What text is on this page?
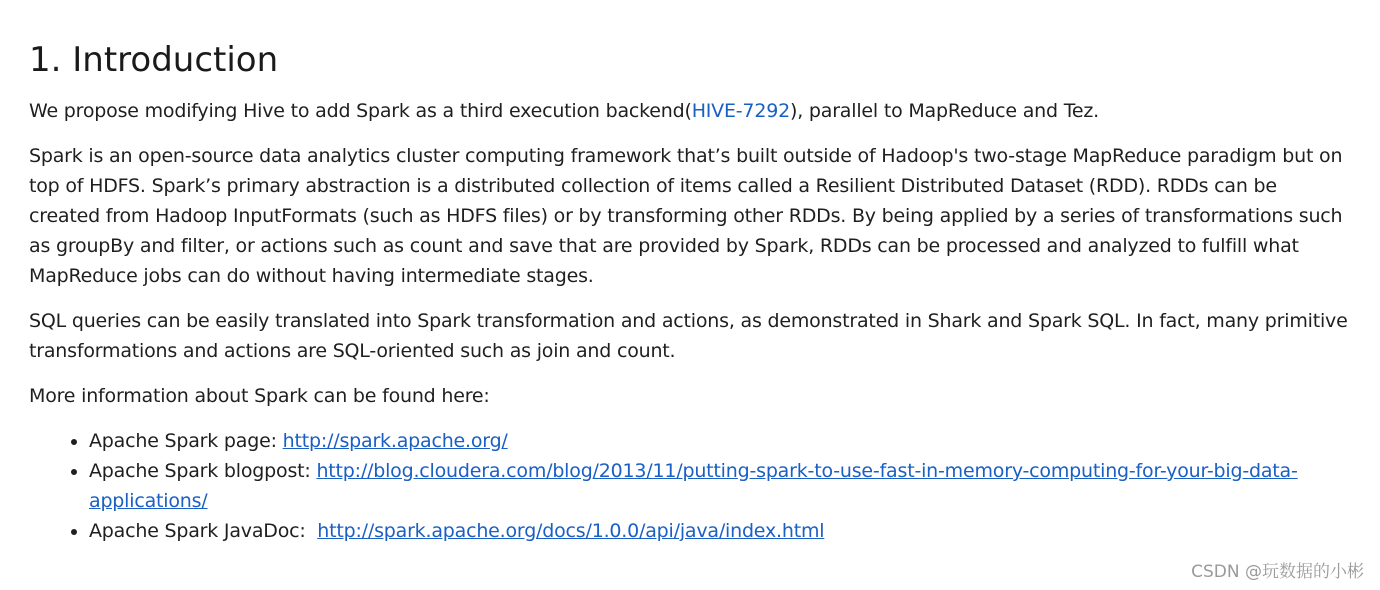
1. Introduction

We propose modifying Hive to add Spark as a third execution backend(HIVE-7292), parallel to MapReduce and Tez.

Spark is an open-source data analytics cluster computing framework that’s built outside of Hadoop's two-stage MapReduce paradigm but on top of HDFS. Spark’s primary abstraction is a distributed collection of items called a Resilient Distributed Dataset (RDD). RDDs can be created from Hadoop InputFormats (such as HDFS files) or by transforming other RDDs. By being applied by a series of transformations such as groupBy and filter, or actions such as count and save that are provided by Spark, RDDs can be processed and analyzed to fulfill what MapReduce jobs can do without having intermediate stages.

SQL queries can be easily translated into Spark transformation and actions, as demonstrated in Shark and Spark SQL. In fact, many primitive transformations and actions are SQL-oriented such as join and count.

More information about Spark can be found here:

• Apache Spark page: http://spark.apache.org/
• Apache Spark blogpost: http://blog.cloudera.com/blog/2013/11/putting-spark-to-use-fast-in-memory-computing-for-your-big-data-applications/
• Apache Spark JavaDoc:  http://spark.apache.org/docs/1.0.0/api/java/index.html
CSDN @玩数据的小彬
